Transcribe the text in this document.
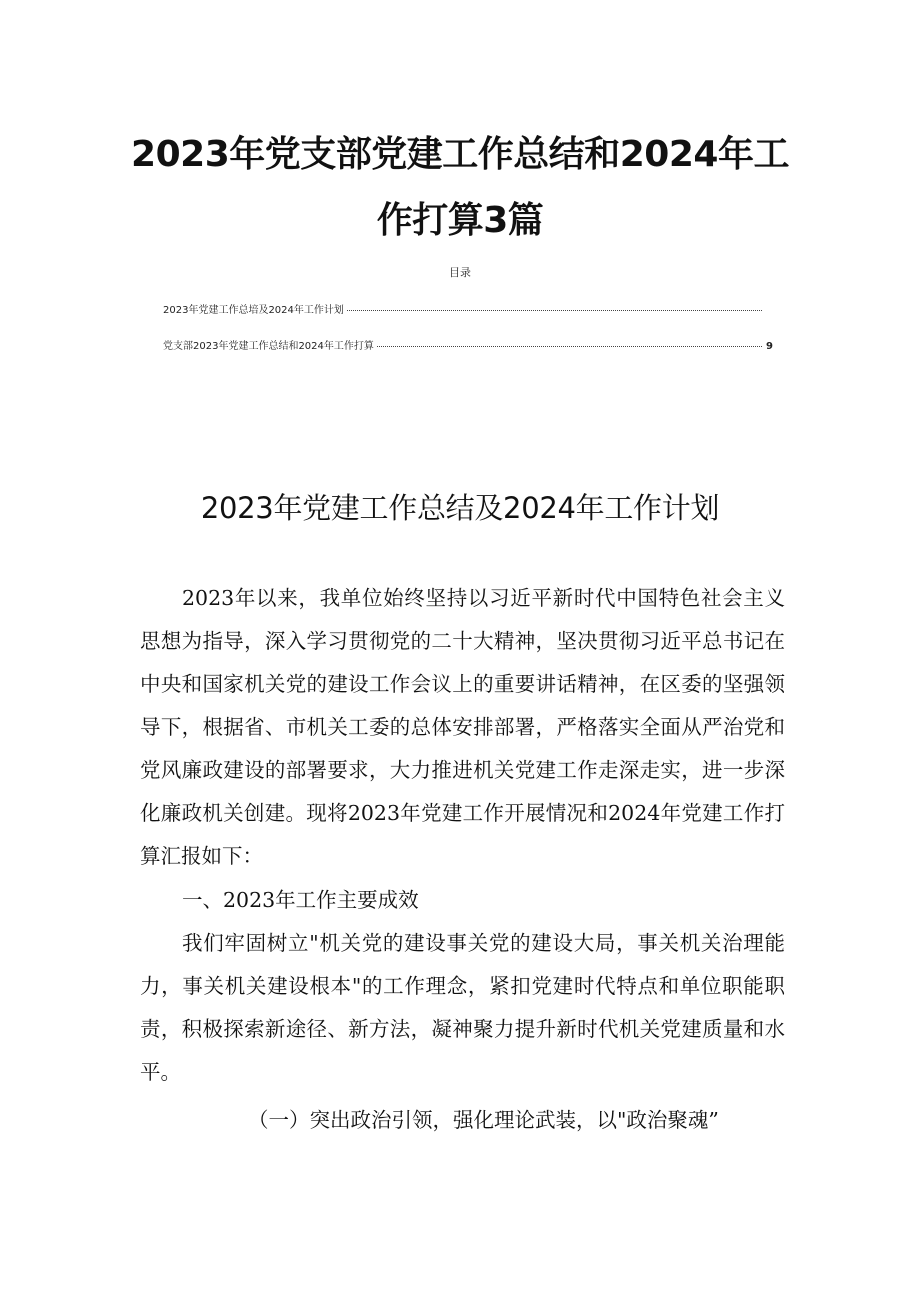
2023年党支部党建工作总结和2024年工
作打算3篇
目录
2023年党建工作总培及2024年工作计划
党支部2023年党建工作总结和2024年工作打算	9
2023年党建工作总结及2024年工作计划
2023年以来，我单位始终坚持以习近平新时代中国特色社会主义思想为指导，深入学习贯彻党的二十大精神，坚决贯彻习近平总书记在中央和国家机关党的建设工作会议上的重要讲话精神，在区委的坚强领导下，根据省、市机关工委的总体安排部署，严格落实全面从严治党和党风廉政建设的部署要求，大力推进机关党建工作走深走实，进一步深化廉政机关创建。现将2023年党建工作开展情况和2024年党建工作打算汇报如下：
一、2023年工作主要成效
我们牢固树立"机关党的建设事关党的建设大局，事关机关治理能力，事关机关建设根本"的工作理念，紧扣党建时代特点和单位职能职责，积极探索新途径、新方法，凝神聚力提升新时代机关党建质量和水平。
（一）突出政治引领，强化理论武装，以"政治聚魂”
